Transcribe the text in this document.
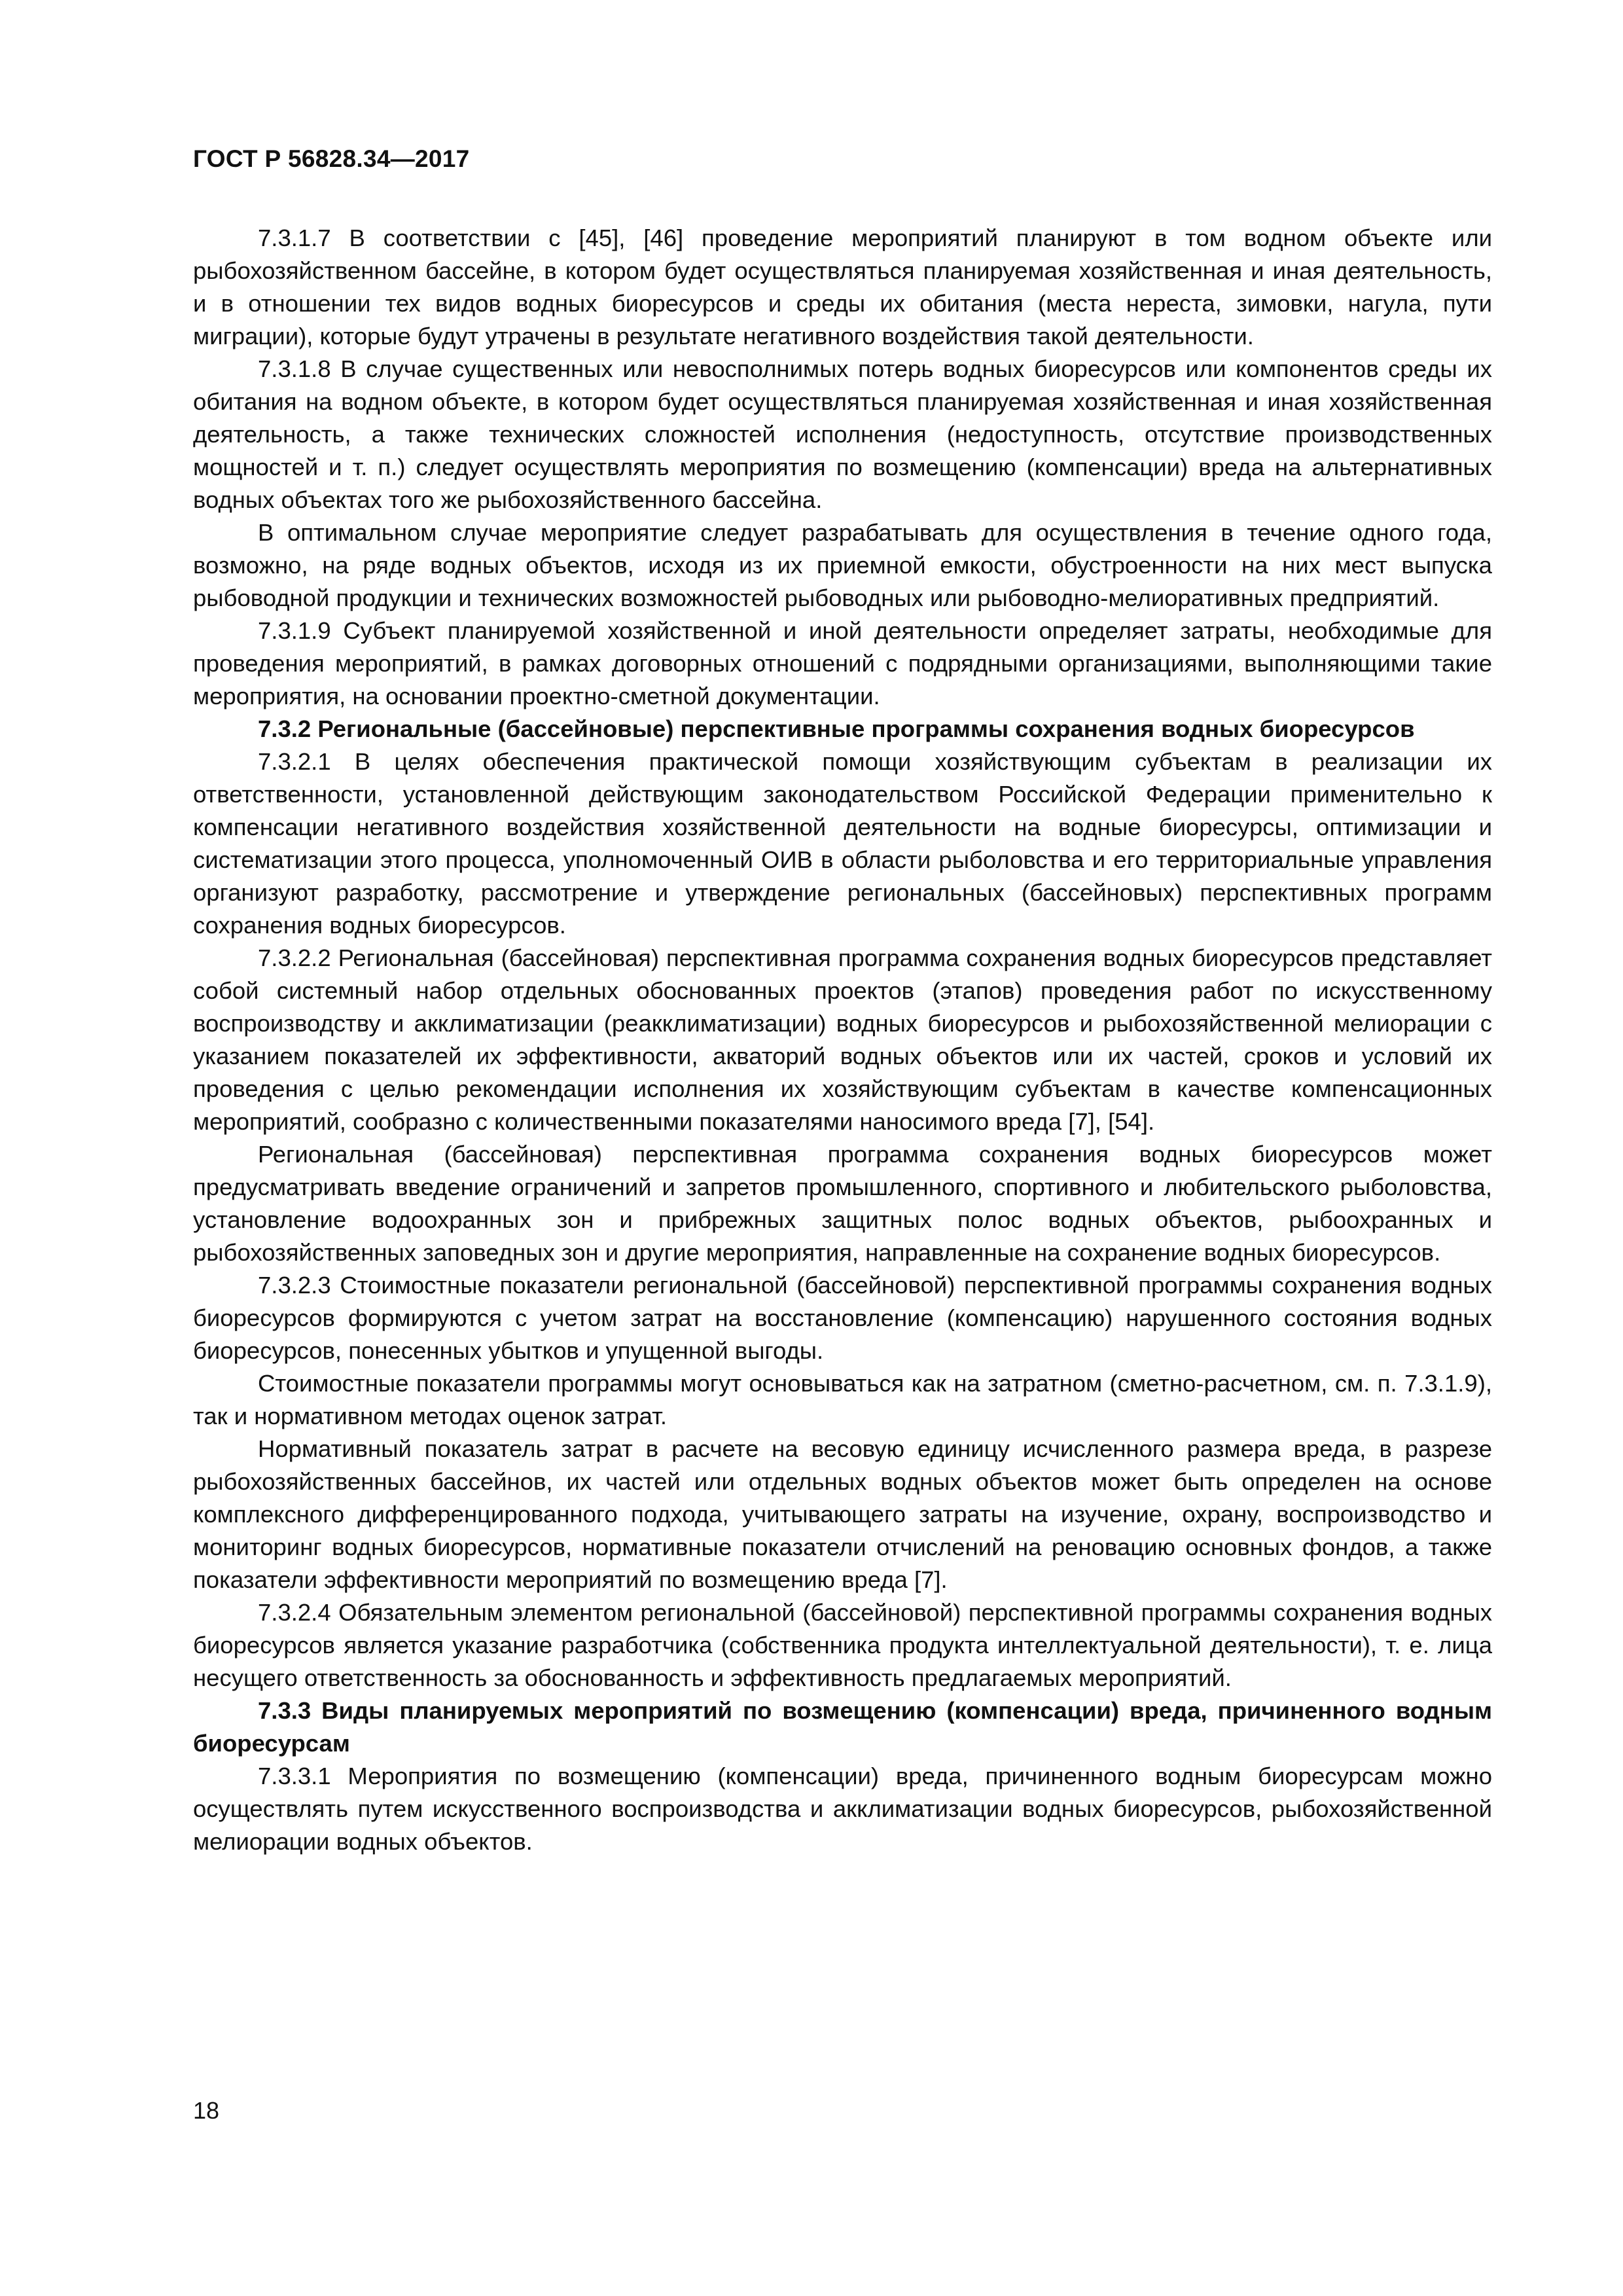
ГОСТ Р 56828.34—2017

7.3.1.7 В соответствии с [45], [46] проведение мероприятий планируют в том водном объекте или рыбохозяйственном бассейне, в котором будет осуществляться планируемая хозяйственная и иная деятельность, и в отношении тех видов водных биоресурсов и среды их обитания (места нереста, зимовки, нагула, пути миграции), которые будут утрачены в результате негативного воздействия такой деятельности.

7.3.1.8 В случае существенных или невосполнимых потерь водных биоресурсов или компонентов среды их обитания на водном объекте, в котором будет осуществляться планируемая хозяйственная и иная хозяйственная деятельность, а также технических сложностей исполнения (недоступность, отсутствие производственных мощностей и т. п.) следует осуществлять мероприятия по возмещению (компенсации) вреда на альтернативных водных объектах того же рыбохозяйственного бассейна.

В оптимальном случае мероприятие следует разрабатывать для осуществления в течение одного года, возможно, на ряде водных объектов, исходя из их приемной емкости, обустроенности на них мест выпуска рыбоводной продукции и технических возможностей рыбоводных или рыбоводно-мелиоративных предприятий.

7.3.1.9 Субъект планируемой хозяйственной и иной деятельности определяет затраты, необходимые для проведения мероприятий, в рамках договорных отношений с подрядными организациями, выполняющими такие мероприятия, на основании проектно-сметной документации.

7.3.2 Региональные (бассейновые) перспективные программы сохранения водных биоресурсов

7.3.2.1 В целях обеспечения практической помощи хозяйствующим субъектам в реализации их ответственности, установленной действующим законодательством Российской Федерации применительно к компенсации негативного воздействия хозяйственной деятельности на водные биоресурсы, оптимизации и систематизации этого процесса, уполномоченный ОИВ в области рыболовства и его территориальные управления организуют разработку, рассмотрение и утверждение региональных (бассейновых) перспективных программ сохранения водных биоресурсов.

7.3.2.2 Региональная (бассейновая) перспективная программа сохранения водных биоресурсов представляет собой системный набор отдельных обоснованных проектов (этапов) проведения работ по искусственному воспроизводству и акклиматизации (реакклиматизации) водных биоресурсов и рыбохозяйственной мелиорации с указанием показателей их эффективности, акваторий водных объектов или их частей, сроков и условий их проведения с целью рекомендации исполнения их хозяйствующим субъектам в качестве компенсационных мероприятий, сообразно с количественными показателями наносимого вреда [7], [54].

Региональная (бассейновая) перспективная программа сохранения водных биоресурсов может предусматривать введение ограничений и запретов промышленного, спортивного и любительского рыболовства, установление водоохранных зон и прибрежных защитных полос водных объектов, рыбоохранных и рыбохозяйственных заповедных зон и другие мероприятия, направленные на сохранение водных биоресурсов.

7.3.2.3 Стоимостные показатели региональной (бассейновой) перспективной программы сохранения водных биоресурсов формируются с учетом затрат на восстановление (компенсацию) нарушенного состояния водных биоресурсов, понесенных убытков и упущенной выгоды.

Стоимостные показатели программы могут основываться как на затратном (сметно-расчетном, см. п. 7.3.1.9), так и нормативном методах оценок затрат.

Нормативный показатель затрат в расчете на весовую единицу исчисленного размера вреда, в разрезе рыбохозяйственных бассейнов, их частей или отдельных водных объектов может быть определен на основе комплексного дифференцированного подхода, учитывающего затраты на изучение, охрану, воспроизводство и мониторинг водных биоресурсов, нормативные показатели отчислений на реновацию основных фондов, а также показатели эффективности мероприятий по возмещению вреда [7].

7.3.2.4 Обязательным элементом региональной (бассейновой) перспективной программы сохранения водных биоресурсов является указание разработчика (собственника продукта интеллектуальной деятельности), т. е. лица несущего ответственность за обоснованность и эффективность предлагаемых мероприятий.

7.3.3 Виды планируемых мероприятий по возмещению (компенсации) вреда, причиненного водным биоресурсам

7.3.3.1 Мероприятия по возмещению (компенсации) вреда, причиненного водным биоресурсам можно осуществлять путем искусственного воспроизводства и акклиматизации водных биоресурсов, рыбохозяйственной мелиорации водных объектов.

18
